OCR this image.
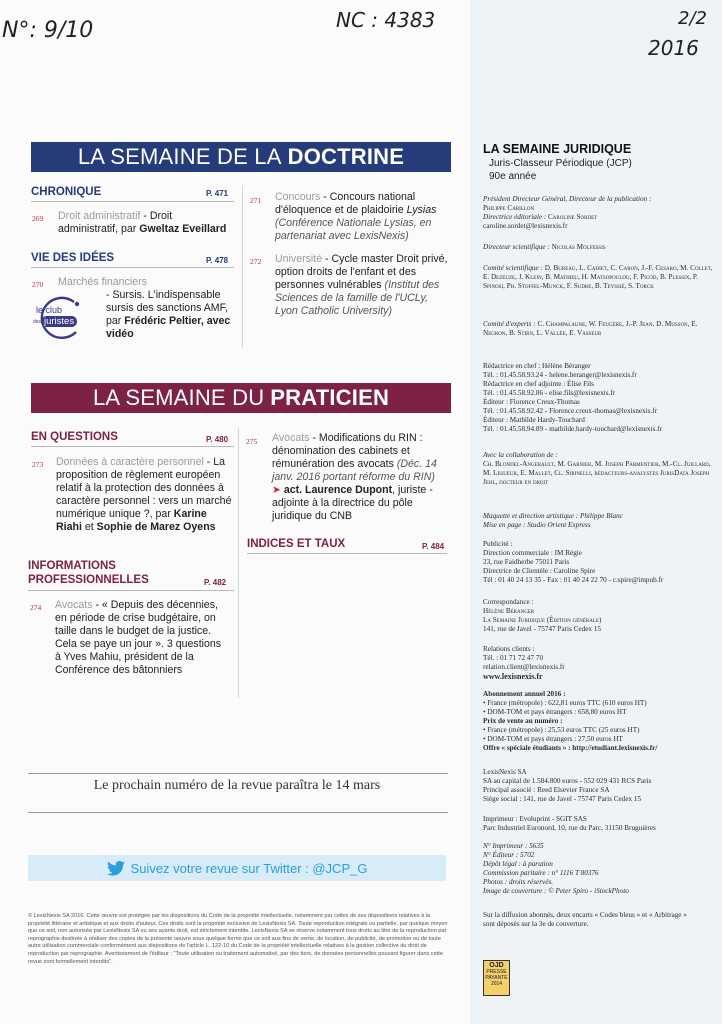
N°: 9/10	NC : 4383	2/2
2016
LA SEMAINE DE LA DOCTRINE
CHRONIQUE	P. 471
269 Droit administratif - Droit administratif, par Gweltaz Eveillard
VIE DES IDÉES	P. 478
270 Marchés financiers
- Sursis. L'indispensable sursis des sanctions AMF, par Frédéric Peltier, avec vidéo
le club
des juristes
271 Concours - Concours national d'éloquence et de plaidoirie Lysias (Conférence Nationale Lysias, en partenariat avec LexisNexis)
272 Université - Cycle master Droit privé, option droits de l'enfant et des personnes vulnérables (Institut des Sciences de la famille de l'UCLy, Lyon Catholic University)
LA SEMAINE DU PRATICIEN
EN QUESTIONS	P. 480
273 Données à caractère personnel - La proposition de règlement européen relatif à la protection des données à caractère personnel : vers un marché numérique unique ?, par Karine Riahi et Sophie de Marez Oyens
INFORMATIONS
PROFESSIONNELLES	P. 482
274 Avocats - « Depuis des décennies, en période de crise budgétaire, on taille dans le budget de la justice. Cela se paye un jour ». 3 questions à Yves Mahiu, président de la Conférence des bâtonniers
275 Avocats - Modifications du RIN : dénomination des cabinets et rémunération des avocats (Déc. 14 janv. 2016 portant réforme du RIN)
➤ act. Laurence Dupont, juriste - adjointe à la directrice du pôle juridique du CNB
INDICES ET TAUX	P. 484
Le prochain numéro de la revue paraîtra le 14 mars
Suivez votre revue sur Twitter : @JCP_G
© LexisNexis SA 2016. Cette œuvre est protégée par les dispositions du Code de la propriété intellectuelle, notamment par celles de ses dispositions relatives à la propriété littéraire et artistique et aux droits d'auteur. Ces droits sont la propriété exclusive de LexisNexis SA. Toute reproduction intégrale ou partielle, par quelque moyen que ce soit, non autorisée par LexisNexis SA ou ses ayants droit, est strictement interdite. LexisNexis SA se réserve notamment tous droits au titre de la reproduction par reprographie destinée à réaliser des copies de la présente oeuvre sous quelque forme que ce soit aux fins de vente, de location, de publicité, de promotion ou de toute autre utilisation commerciale conformément aux dispositions de l'article L. 122-10 du Code de la propriété intellectuelle relatives à la gestion collective du droit de reproduction par reprographie. Avertissement de l'éditeur : "Toute utilisation ou traitement automatisé, par des tiers, de données personnelles pouvant figurer dans cette revue sont formellement interdits".
LA SEMAINE JURIDIQUE
Juris-Classeur Périodique (JCP)
90e année
Président Directeur Général, Directeur de la publication :
Philippe Carillon
Directrice éditoriale : Caroline Sordet
caroline.sordet@lexisnexis.fr
Directeur scientifique : Nicolas Molfessis
Comité scientifique : D. Bureau, L. Cadiet, C. Caron, J.-F. Cesaro, M. Collet, E. Dezeuze, J. Klein, B. Mathieu, H. Matsopoulou, F. Picod, B. Plessix, P. Spinosi, Ph. Stoffel-Munck, F. Sudre, B. Teyssié, S. Torck
Comité d'experts : C. Champalaune, W. Feugère, J.-P. Jean, D. Musson, E. Negron, B. Stirn, L. Vallée, E. Vasseur
Rédactrice en chef : Hélène Béranger
Tél. : 01.45.58.93.24 - helene.beranger@lexisnexis.fr
Rédactrice en chef adjointe : Élise Fils
Tél. : 01.45.58.92.86 - elise.fils@lexisnexis.fr
Éditeur : Florence Creux-Thomas
Tél. : 01.45.58.92.42 - Florence.creux-thomas@lexisnexis.fr
Éditeur : Mathilde Hardy-Touchard
Tél. : 01.45.58.94.89 - mathilde.hardy-touchard@lexisnexis.fr
Avec la collaboration de :
Ch. Blondel-Angebault, M. Garnier, M. Joseph Parmentier, M.-Cl. Juillard, M. Lesueur, E. Mallet, Cl. Sirinelli, rédacteurs-analystes JurisData Joseph Jehl, docteur en droit
Maquette et direction artistique : Philippe Blanc
Mise en page : Studio Orient Express
Publicité :
Direction commerciale : IM Régie
23, rue Faidherbe 75011 Paris
Directrice de Clientèle : Caroline Spire
Tél : 01 40 24 13 35 - Fax : 01 40 24 22 70 - c.spire@impub.fr
Correspondance :
Hélène Béranger
La Semaine Juridique (Édition générale)
141, rue de Javel - 75747 Paris Cedex 15
Relations clients :
Tél. : 01 71 72 47 70
relation.client@lexisnexis.fr
www.lexisnexis.fr
Abonnement annuel 2016 :
• France (métropole) : 622,81 euros TTC (610 euros HT)
• DOM-TOM et pays étrangers : 658,80 euros HT
Prix de vente au numéro :
• France (métropole) : 25,53 euros TTC (25 euros HT)
• DOM-TOM et pays étrangers : 27,50 euros HT
Offre « spéciale étudiants » : http://etudiant.lexisnexis.fr/
LexisNexis SA
SA au capital de 1.584.800 euros - 552 029 431 RCS Paris
Principal associé : Reed Elsevier France SA
Siège social : 141, rue de Javel - 75747 Paris Cedex 15
Imprimeur : Evoluprint - SGIT SAS
Parc Industriel Euronord, 10, rue du Parc, 31150 Bruguières
N° Imprimeur : 5635
N° Éditeur : 5702
Dépôt légal : à parution
Commission paritaire : n° 1116 T 80376
Photos : droits réservés.
Image de couverture : © Peter Spiro - iStockPhoto
Sur la diffusion abonnés, deux encarts « Codes bleus » et « Arbitrage » sont déposés sur la 3e de couverture.
OJD
PRESSE
PAYANTE
2014
